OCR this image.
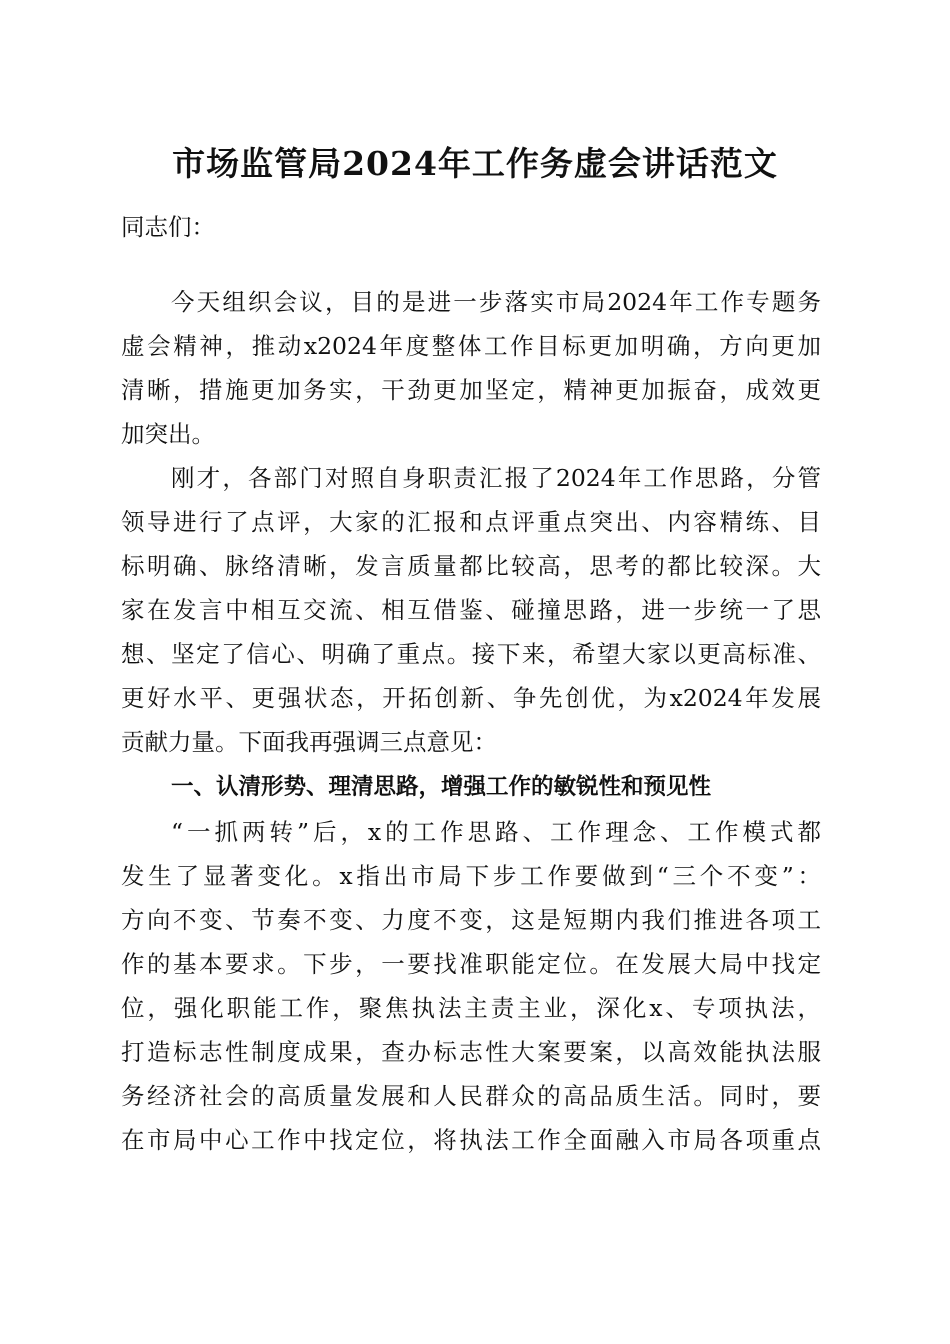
市场监管局2024年工作务虚会讲话范文
同志们：
今天组织会议，目的是进一步落实市局2024年工作专题务
虚会精神，推动x2024年度整体工作目标更加明确，方向更加
清晰，措施更加务实，干劲更加坚定，精神更加振奋，成效更
加突出。
刚才，各部门对照自身职责汇报了2024年工作思路，分管
领导进行了点评，大家的汇报和点评重点突出、内容精练、目
标明确、脉络清晰，发言质量都比较高，思考的都比较深。大
家在发言中相互交流、相互借鉴、碰撞思路，进一步统一了思
想、坚定了信心、明确了重点。接下来，希望大家以更高标准、
更好水平、更强状态，开拓创新、争先创优，为x2024年发展
贡献力量。下面我再强调三点意见：
一、认清形势、理清思路，增强工作的敏锐性和预见性
“一抓两转”后，x的工作思路、工作理念、工作模式都
发生了显著变化。x指出市局下步工作要做到“三个不变”：
方向不变、节奏不变、力度不变，这是短期内我们推进各项工
作的基本要求。下步，一要找准职能定位。在发展大局中找定
位，强化职能工作，聚焦执法主责主业，深化x、专项执法，
打造标志性制度成果，查办标志性大案要案，以高效能执法服
务经济社会的高质量发展和人民群众的高品质生活。同时，要
在市局中心工作中找定位，将执法工作全面融入市局各项重点
